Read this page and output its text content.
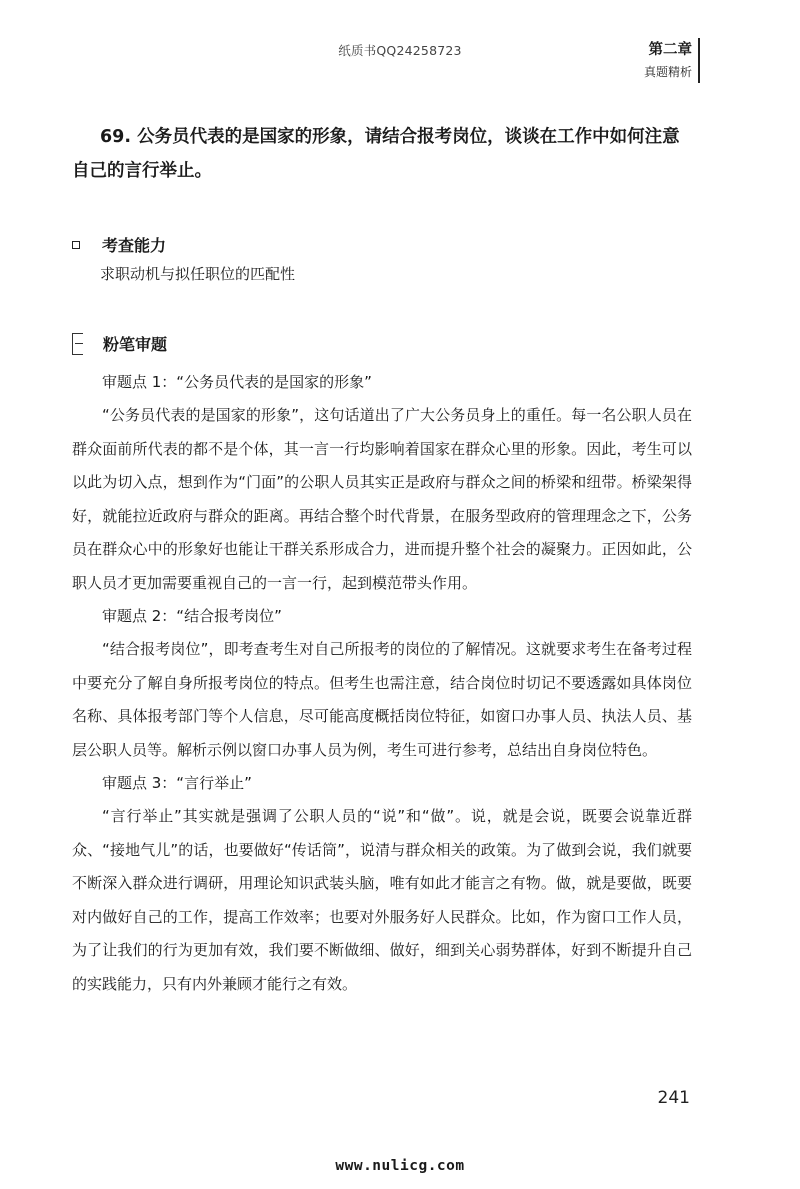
纸质书QQ24258723	第二章
真题精析
69. 公务员代表的是国家的形象，请结合报考岗位，谈谈在工作中如何注意自己的言行举止。
考查能力
求职动机与拟任职位的匹配性
粉笔审题
审题点 1：“公务员代表的是国家的形象”

“公务员代表的是国家的形象”，这句话道出了广大公务员身上的重任。每一名公职人员在群众面前所代表的都不是个体，其一言一行均影响着国家在群众心里的形象。因此，考生可以以此为切入点，想到作为“门面”的公职人员其实正是政府与群众之间的桥梁和纽带。桥梁架得好，就能拉近政府与群众的距离。再结合整个时代背景，在服务型政府的管理理念之下，公务员在群众心中的形象好也能让干群关系形成合力，进而提升整个社会的凝聚力。正因如此，公职人员才更加需要重视自己的一言一行，起到模范带头作用。

审题点 2：“结合报考岗位”

“结合报考岗位”，即考查考生对自己所报考的岗位的了解情况。这就要求考生在备考过程中要充分了解自身所报考岗位的特点。但考生也需注意，结合岗位时切记不要透露如具体岗位名称、具体报考部门等个人信息，尽可能高度概括岗位特征，如窗口办事人员、执法人员、基层公职人员等。解析示例以窗口办事人员为例，考生可进行参考，总结出自身岗位特色。

审题点 3：“言行举止”

“言行举止”其实就是强调了公职人员的“说”和“做”。说，就是会说，既要会说靠近群众、“接地气儿”的话，也要做好“传话筒”，说清与群众相关的政策。为了做到会说，我们就要不断深入群众进行调研，用理论知识武装头脑，唯有如此才能言之有物。做，就是要做，既要对内做好自己的工作，提高工作效率；也要对外服务好人民群众。比如，作为窗口工作人员，为了让我们的行为更加有效，我们要不断做细、做好，细到关心弱势群体，好到不断提升自己的实践能力，只有内外兼顾才能行之有效。

241
www.nulicg.com
